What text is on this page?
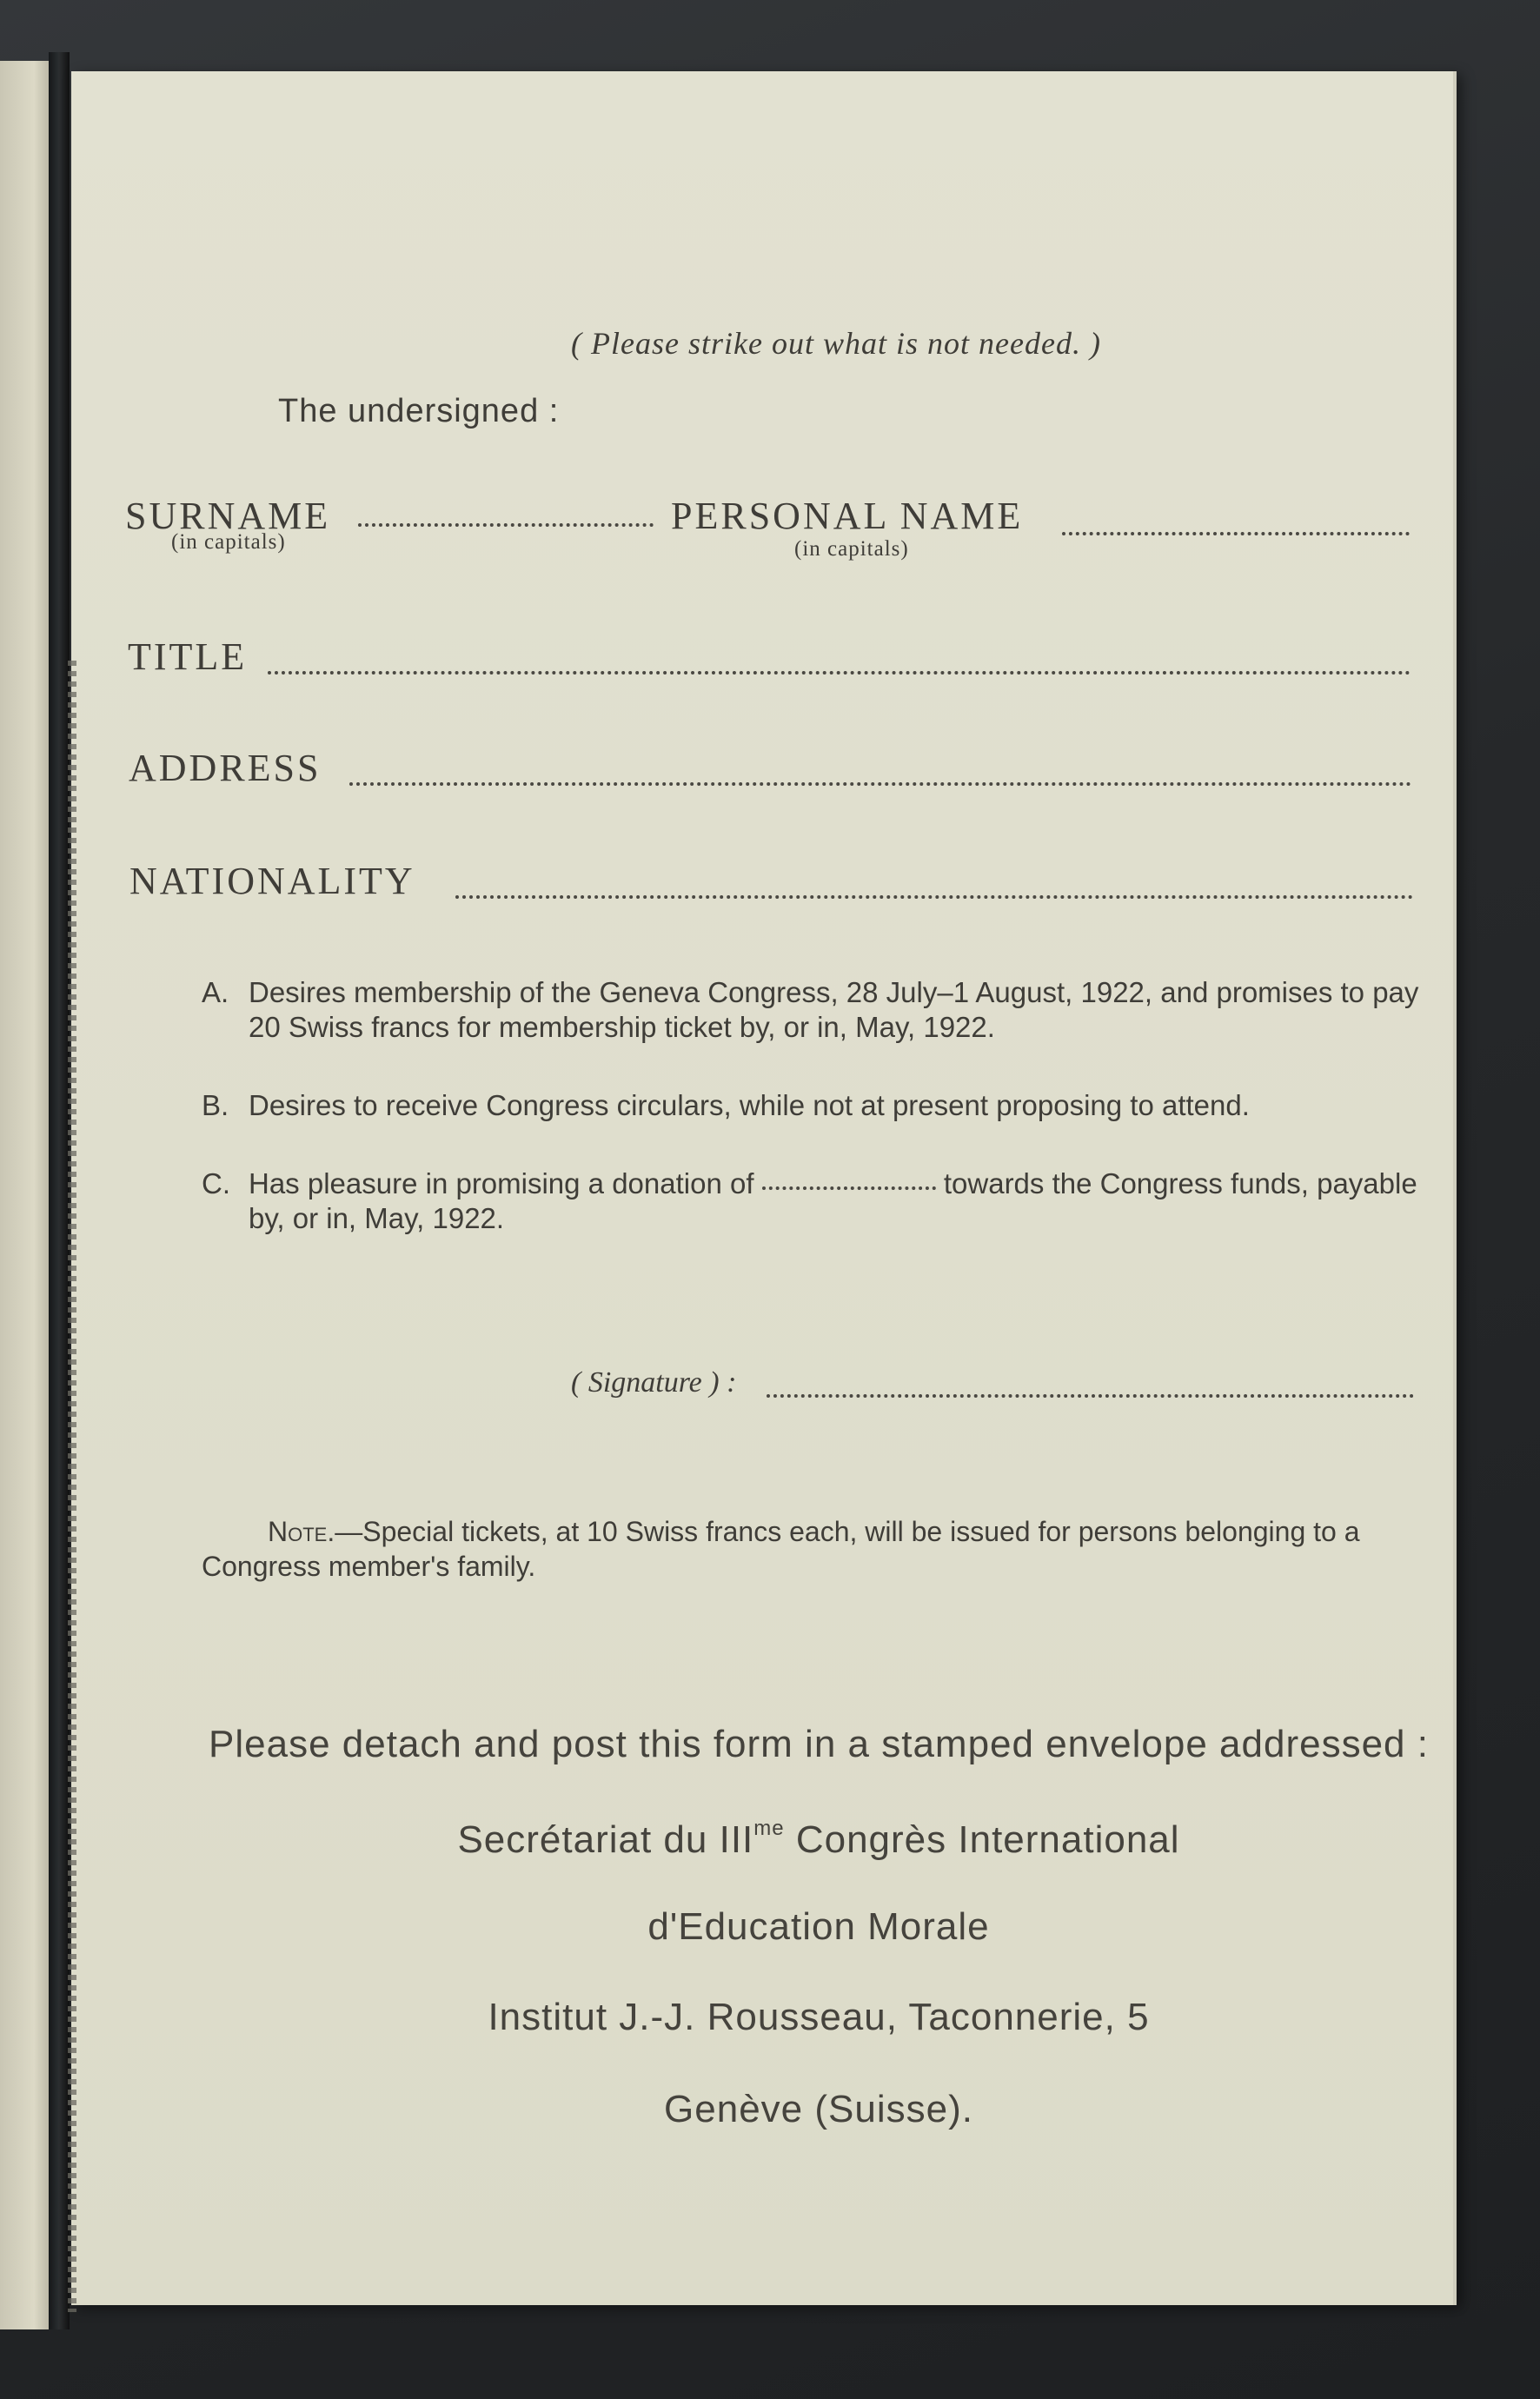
( Please strike out what is not needed. )
The undersigned :
SURNAME	PERSONAL NAME
(in capitals)	(in capitals)
TITLE
ADDRESS
NATIONALITY
A. Desires membership of the Geneva Congress, 28 July–1 August, 1922, and promises to pay 20 Swiss francs for membership ticket by, or in, May, 1922.
B. Desires to receive Congress circulars, while not at present proposing to attend.
C. Has pleasure in promising a donation of	towards the Congress funds, payable by, or in, May, 1922.
( Signature ) :
Note.—Special tickets, at 10 Swiss francs each, will be issued for persons belonging to a Congress member's family.
Please detach and post this form in a stamped envelope addressed :
Secrétariat du $III^{me}$ Congrès International
d'Education Morale
Institut J.-J. Rousseau, Taconnerie, 5
Genève (Suisse).
